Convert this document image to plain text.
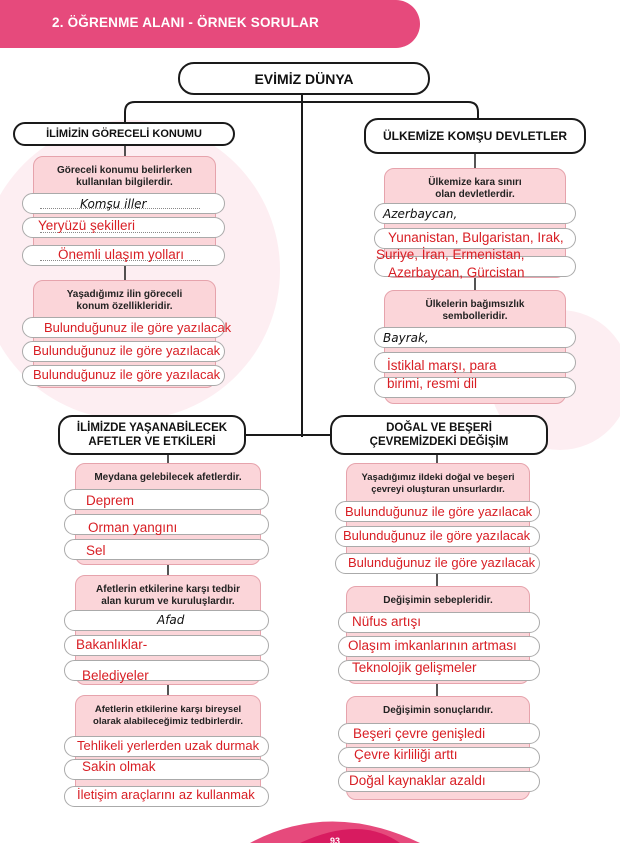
2. ÖĞRENME ALANI - ÖRNEK SORULAR
EVİMİZ DÜNYA
İLİMİZİN GÖRECELİ KONUMU	ÜLKEMİZE KOMŞU DEVLETLER
İLİMİZDE YAŞANABİLECEK
AFETLER VE ETKİLERİ
DOĞAL VE BEŞERİ
ÇEVREMİZDEKİ DEĞİŞİM
Göreceli konumu belirlerken
kullanılan bilgilerdir.
Yaşadığımız ilin göreceli
konum özellikleridir.
Ülkemize kara sınırı
olan devletlerdir.
Ülkelerin bağımsızlık
sembolleridir.
Meydana gelebilecek afetlerdir.
Afetlerin etkilerine karşı tedbir
alan kurum ve kuruluşlardır.
Afetlerin etkilerine karşı bireysel
olarak alabileceğimiz tedbirlerdir.
Yaşadığımız ildeki doğal ve beşeri
çevreyi oluşturan unsurlardır.
Değişimin sebepleridir.
Değişimin sonuçlarıdır.
Komşu iller
Yeryüzü şekilleri
Önemli ulaşım yolları
Bulunduğunuz ile göre yazılacak
Bulunduğunuz ile göre yazılacak
Bulunduğunuz ile göre yazılacak
Azerbaycan,
Yunanistan, Bulgaristan, Irak,
Suriye, İran, Ermenistan,
Azerbaycan, Gürcistan
Bayrak,
İstiklal marşı, para
birimi, resmi dil
Deprem
Orman yangını
Sel
Afad
Bakanlıklar-
Belediyeler
Tehlikeli yerlerden uzak durmak
Sakin olmak
İletişim araçlarını az kullanmak
Bulunduğunuz ile göre yazılacak
Bulunduğunuz ile göre yazılacak
Bulunduğunuz ile göre yazılacak
Nüfus artışı
Olaşım imkanlarının artması
Teknolojik gelişmeler
Beşeri çevre genişledi
Çevre kirliliği arttı
Doğal kaynaklar azaldı
93
